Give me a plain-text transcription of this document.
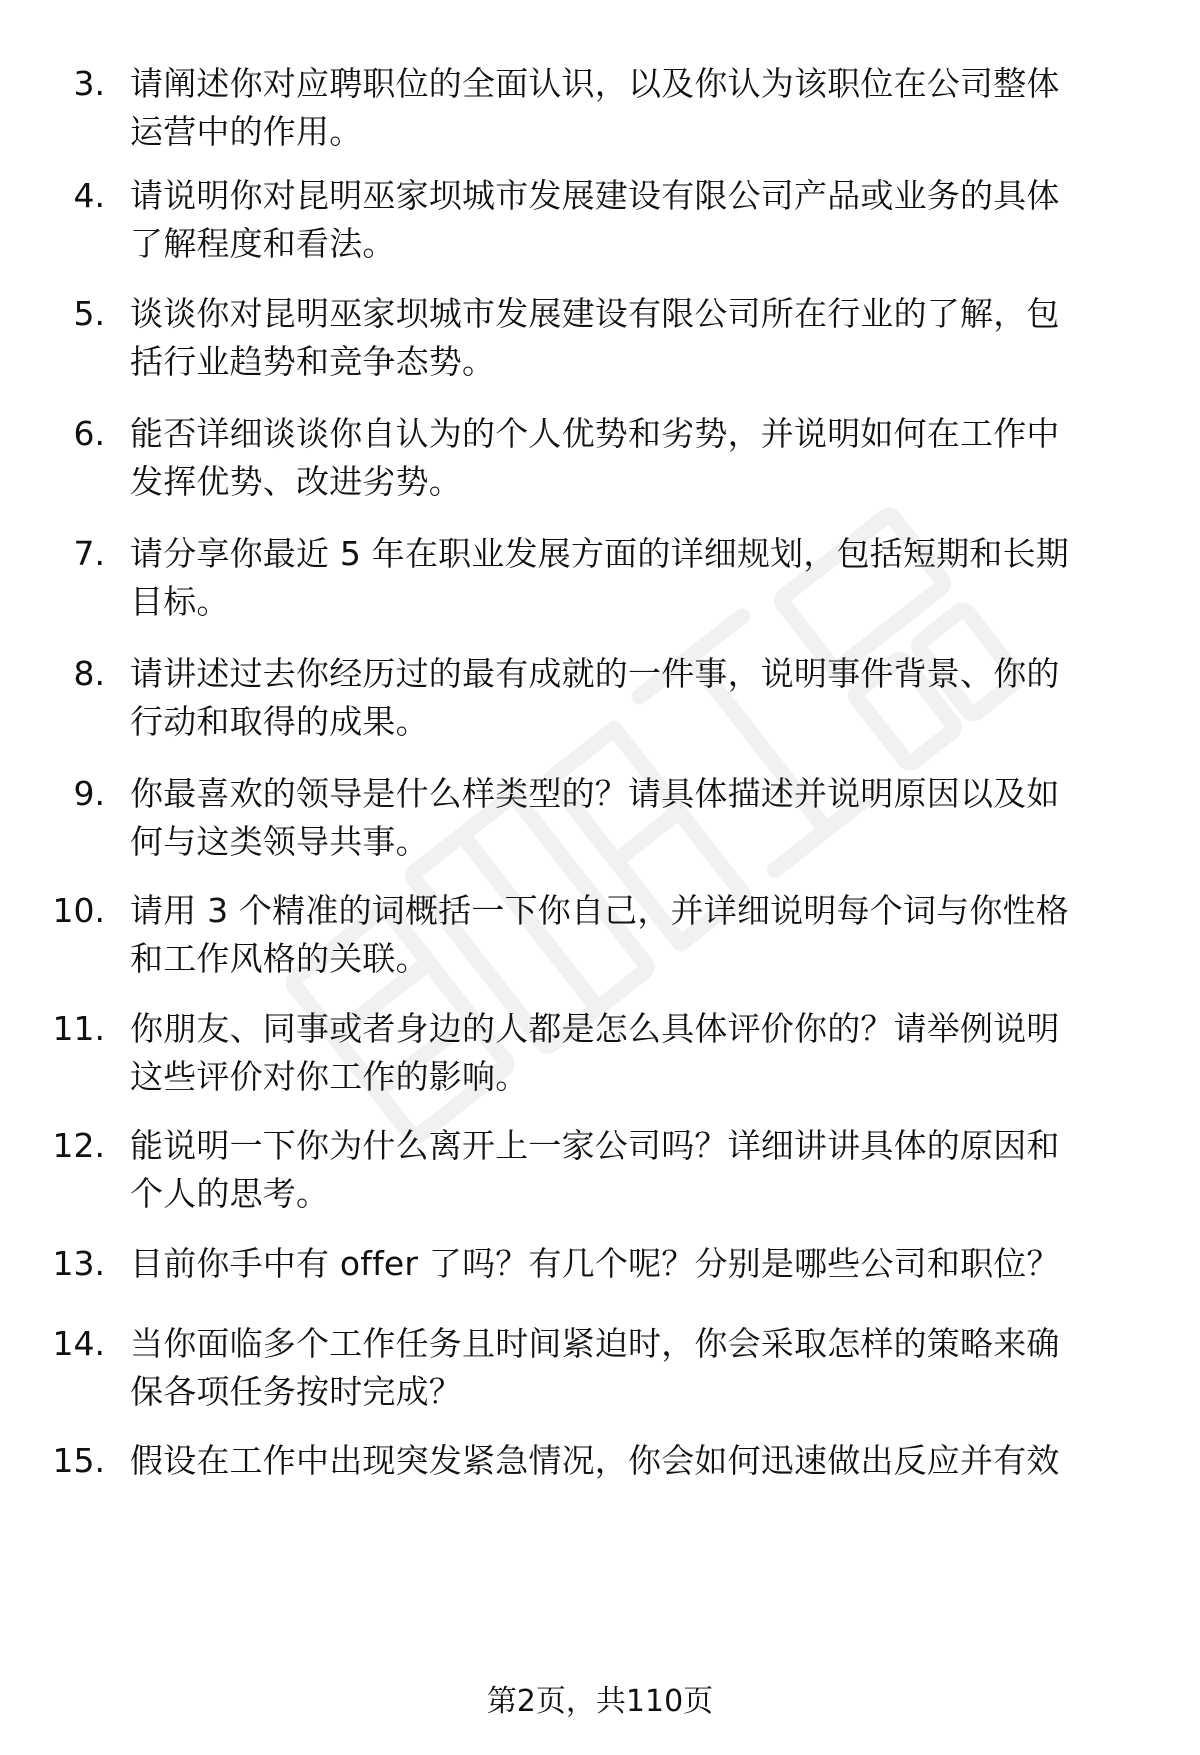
3. 请阐述你对应聘职位的全面认识，以及你认为该职位在公司整体
运营中的作用。
4. 请说明你对昆明巫家坝城市发展建设有限公司产品或业务的具体
了解程度和看法。
5. 谈谈你对昆明巫家坝城市发展建设有限公司所在行业的了解，包
括行业趋势和竞争态势。
6. 能否详细谈谈你自认为的个人优势和劣势，并说明如何在工作中
发挥优势、改进劣势。
7. 请分享你最近 5 年在职业发展方面的详细规划，包括短期和长期
目标。
8. 请讲述过去你经历过的最有成就的一件事，说明事件背景、你的
行动和取得的成果。
9. 你最喜欢的领导是什么样类型的？请具体描述并说明原因以及如
何与这类领导共事。
10. 请用 3 个精准的词概括一下你自己，并详细说明每个词与你性格
和工作风格的关联。
11. 你朋友、同事或者身边的人都是怎么具体评价你的？请举例说明
这些评价对你工作的影响。
12. 能说明一下你为什么离开上一家公司吗？详细讲讲具体的原因和
个人的思考。
13. 目前你手中有 offer 了吗？有几个呢？分别是哪些公司和职位？
14. 当你面临多个工作任务且时间紧迫时，你会采取怎样的策略来确
保各项任务按时完成？
15. 假设在工作中出现突发紧急情况，你会如何迅速做出反应并有效
第2页，共110页
